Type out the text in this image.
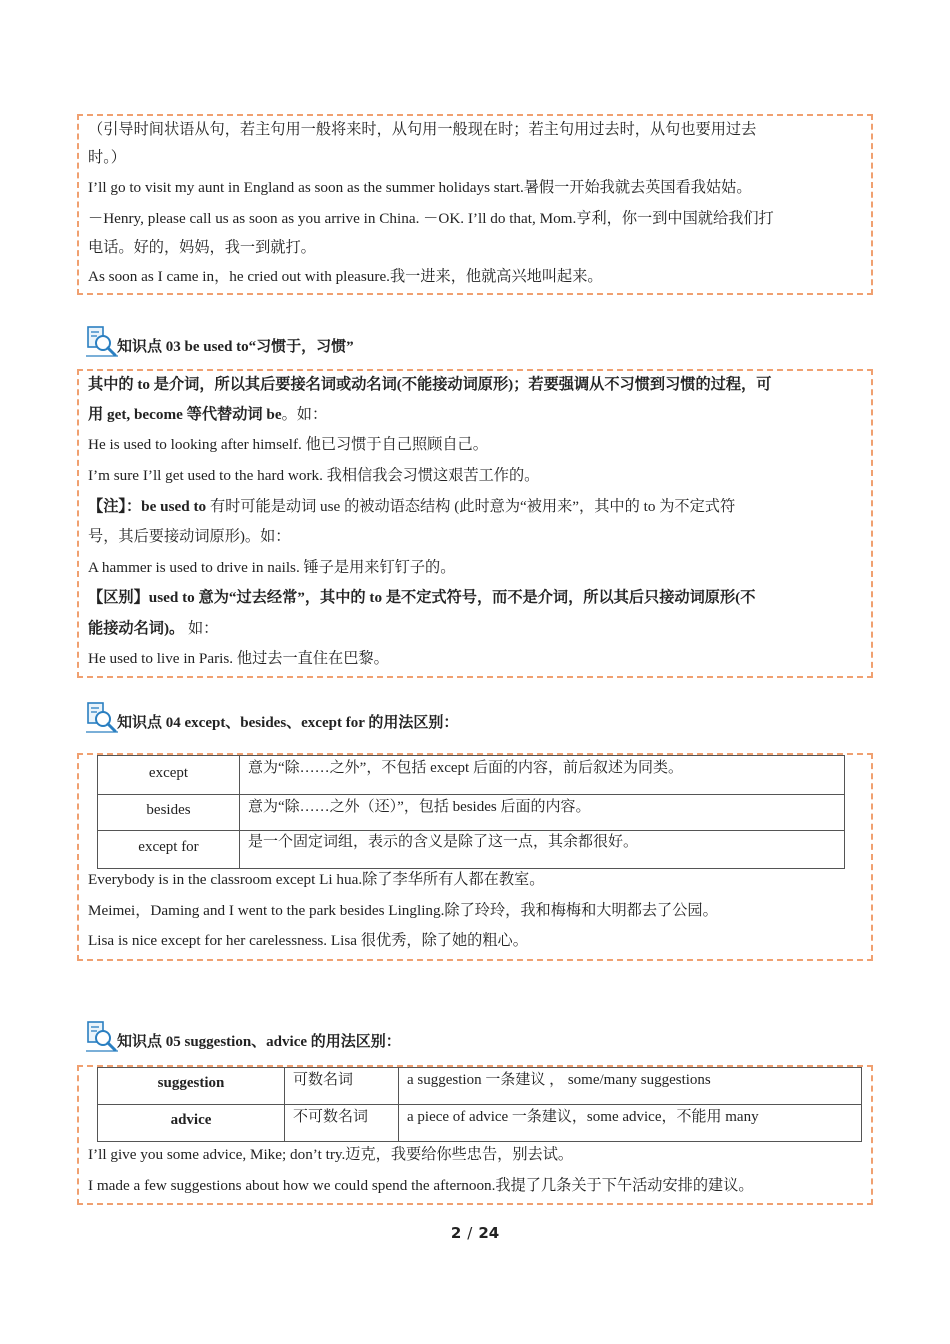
（引导时间状语从句，若主句用一般将来时，从句用一般现在时；若主句用过去时，从句也要用过去
时。）
I’ll go to visit my aunt in England as soon as the summer holidays start.暑假一开始我就去英国看我姑姑。
－Henry, please call us as soon as you arrive in China. －OK. I’ll do that, Mom.亨利，你一到中国就给我们打
电话。好的，妈妈，我一到就打。
As soon as I came in，he cried out with pleasure.我一进来，他就高兴地叫起来。
知识点 03 be used to“习惯于，习惯”
其中的 to 是介词，所以其后要接名词或动名词(不能接动词原形)；若要强调从不习惯到习惯的过程，可
用 get, become 等代替动词 be。如：
He is used to looking after himself. 他已习惯于自己照顾自己。
I’m sure I’ll get used to the hard work. 我相信我会习惯这艰苦工作的。
【注】：be used to 有时可能是动词 use 的被动语态结构 (此时意为“被用来”，其中的 to 为不定式符
号，其后要接动词原形)。如：
A hammer is used to drive in nails. 锤子是用来钉钉子的。
【区别】used to 意为“过去经常”，其中的 to 是不定式符号，而不是介词，所以其后只接动词原形(不
能接动名词)。 如：
He used to live in Paris. 他过去一直住在巴黎。
知识点 04 except、besides、except for 的用法区别：
except	意为“除……之外”，不包括 except 后面的内容，前后叙述为同类。
besides	意为“除……之外（还）”，包括 besides 后面的内容。
except for	是一个固定词组，表示的含义是除了这一点，其余都很好。
Everybody is in the classroom except Li hua.除了李华所有人都在教室。
Meimei，Daming and I went to the park besides Lingling.除了玲玲，我和梅梅和大明都去了公园。
Lisa is nice except for her carelessness. Lisa 很优秀，除了她的粗心。
知识点 05 suggestion、advice 的用法区别：
suggestion	可数名词	a suggestion 一条建议 ， some/many suggestions
advice	不可数名词	a piece of advice 一条建议，some advice，不能用 many
I’ll give you some advice, Mike; don’t try.迈克，我要给你些忠告，别去试。
I made a few suggestions about how we could spend the afternoon.我提了几条关于下午活动安排的建议。
2 / 24
